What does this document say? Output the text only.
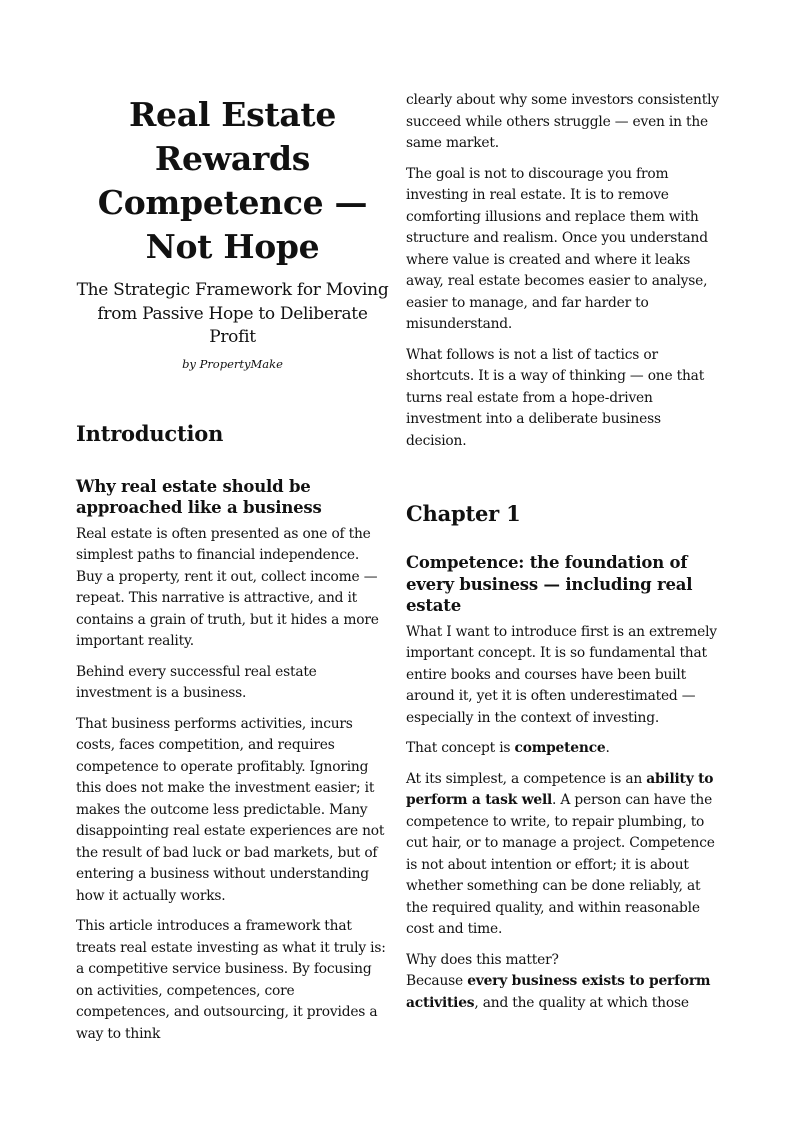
Real Estate Rewards Competence — Not Hope
The Strategic Framework for Moving from Passive Hope to Deliberate Profit
by PropertyMake
Introduction
Why real estate should be approached like a business

Real estate is often presented as one of the simplest paths to financial independence. Buy a property, rent it out, collect income — repeat. This narrative is attractive, and it contains a grain of truth, but it hides a more important reality.

Behind every successful real estate investment is a business.

That business performs activities, incurs costs, faces competition, and requires competence to operate profitably. Ignoring this does not make the investment easier; it makes the outcome less predictable. Many disappointing real estate experiences are not the result of bad luck or bad markets, but of entering a business without understanding how it actually works.

This article introduces a framework that treats real estate investing as what it truly is: a competitive service business. By focusing on activities, competences, core competences, and outsourcing, it provides a way to think

clearly about why some investors consistently succeed while others struggle — even in the same market.

The goal is not to discourage you from investing in real estate. It is to remove comforting illusions and replace them with structure and realism. Once you understand where value is created and where it leaks away, real estate becomes easier to analyse, easier to manage, and far harder to misunderstand.

What follows is not a list of tactics or shortcuts. It is a way of thinking — one that turns real estate from a hope-driven investment into a deliberate business decision.

Chapter 1
Competence: the foundation of every business — including real estate

What I want to introduce first is an extremely important concept. It is so fundamental that entire books and courses have been built around it, yet it is often underestimated — especially in the context of investing.

That concept is competence.

At its simplest, a competence is an ability to perform a task well. A person can have the competence to write, to repair plumbing, to cut hair, or to manage a project. Competence is not about intention or effort; it is about whether something can be done reliably, at the required quality, and within reasonable cost and time.

Why does this matter?
Because every business exists to perform activities, and the quality at which those
